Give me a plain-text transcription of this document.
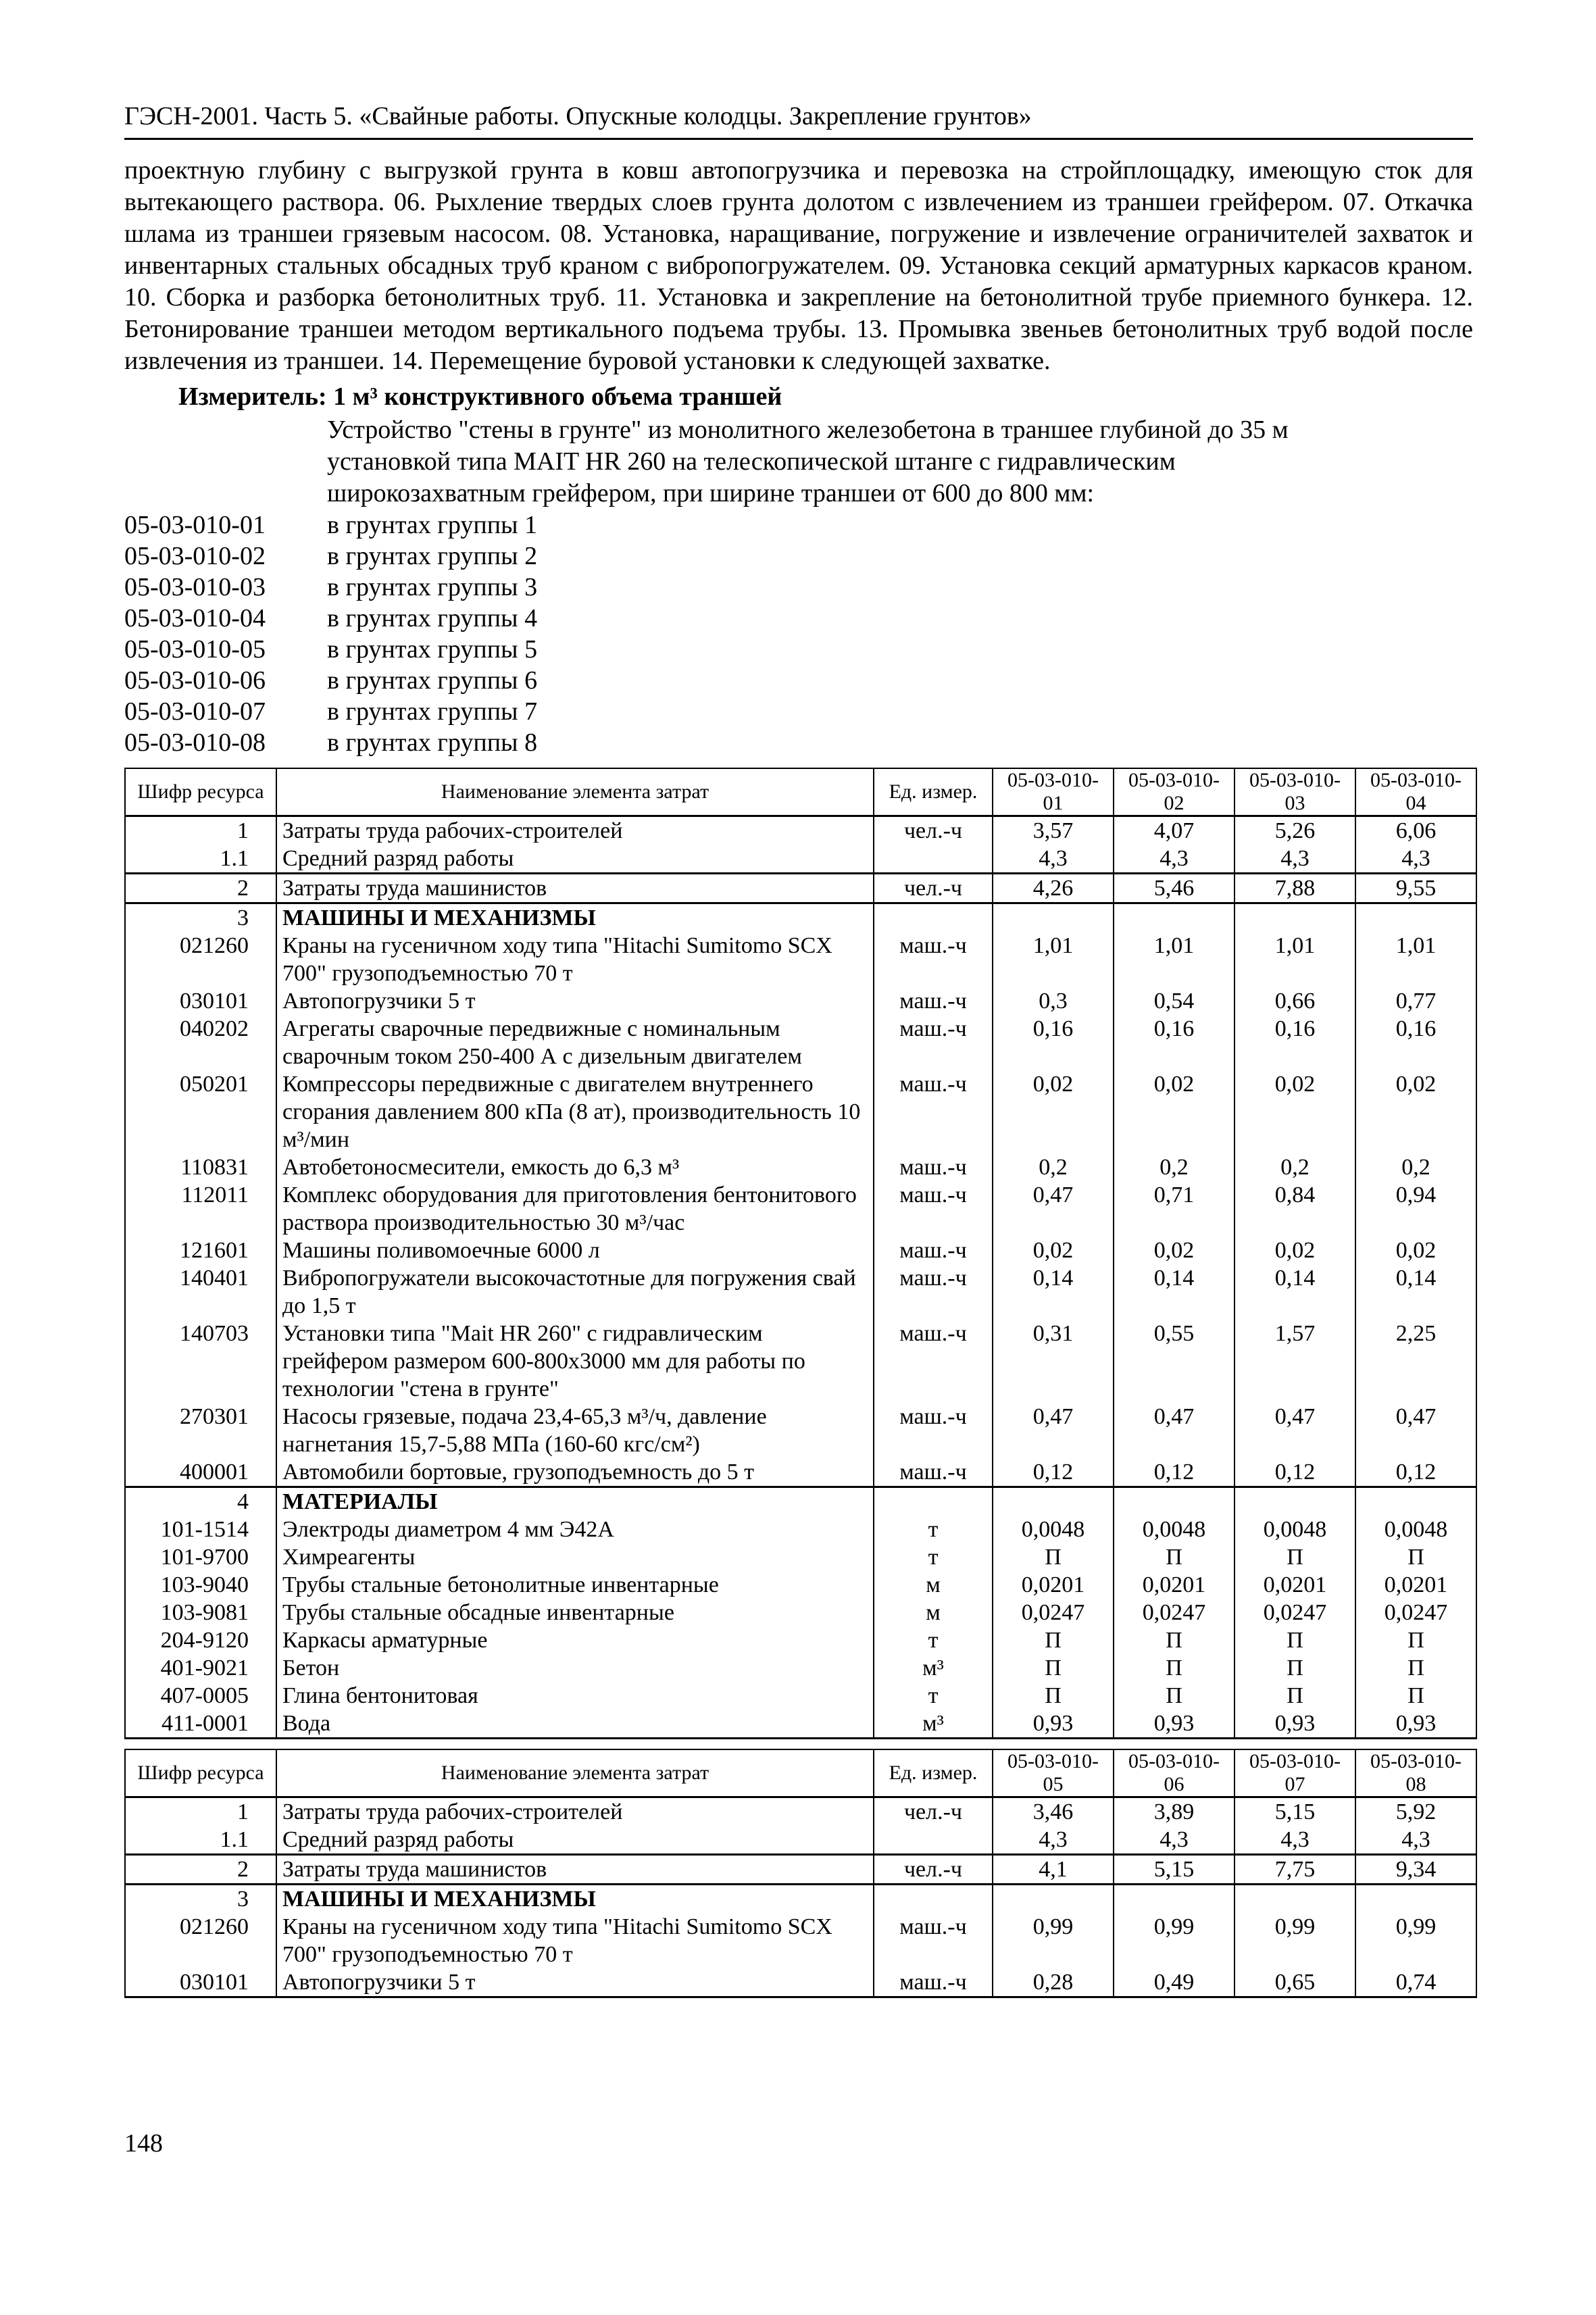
ГЭСН-2001. Часть 5. «Свайные работы. Опускные колодцы. Закрепление грунтов»

проектную глубину с выгрузкой грунта в ковш автопогрузчика и перевозка на стройплощадку, имеющую сток для вытекающего раствора. 06. Рыхление твердых слоев грунта долотом с извлечением из траншеи грейфером. 07. Откачка шлама из траншеи грязевым насосом. 08. Установка, наращивание, погружение и извлечение ограничителей захваток и инвентарных стальных обсадных труб краном с вибропогружателем. 09. Установка секций арматурных каркасов краном. 10. Сборка и разборка бетонолитных труб. 11. Установка и закрепление на бетонолитной трубе приемного бункера. 12. Бетонирование траншеи методом вертикального подъема трубы. 13. Промывка звеньев бетонолитных труб водой после извлечения из траншеи. 14. Перемещение буровой установки к следующей захватке.

Измеритель: 1 м³ конструктивного объема траншей
Устройство "стены в грунте" из монолитного железобетона в траншее глубиной до 35 м
установкой типа MAIT HR 260 на телескопической штанге с гидравлическим
широкозахватным грейфером, при ширине траншеи от 600 до 800 мм:
05-03-010-01	в грунтах группы 1
05-03-010-02	в грунтах группы 2
05-03-010-03	в грунтах группы 3
05-03-010-04	в грунтах группы 4
05-03-010-05	в грунтах группы 5
05-03-010-06	в грунтах группы 6
05-03-010-07	в грунтах группы 7
05-03-010-08	в грунтах группы 8
Шифр ресурса	Наименование элемента затрат	Ед. измер.	05-03-010-01	05-03-010-02	05-03-010-03	05-03-010-04
1	Затраты труда рабочих-строителей	чел.-ч	3,57	4,07	5,26	6,06
1.1	Средний разряд работы		4,3	4,3	4,3	4,3
2	Затраты труда машинистов	чел.-ч	4,26	5,46	7,88	9,55
3	МАШИНЫ И МЕХАНИЗМЫ					
021260	Краны на гусеничном ходу типа "Hitachi Sumitomo SCX 700" грузоподъемностью 70 т	маш.-ч	1,01	1,01	1,01	1,01
030101	Автопогрузчики 5 т	маш.-ч	0,3	0,54	0,66	0,77
040202	Агрегаты сварочные передвижные с номинальным сварочным током 250-400 А с дизельным двигателем	маш.-ч	0,16	0,16	0,16	0,16
050201	Компрессоры передвижные с двигателем внутреннего сгорания давлением 800 кПа (8 ат), производительность 10 м³/мин	маш.-ч	0,02	0,02	0,02	0,02
110831	Автобетоносмесители, емкость до 6,3 м³	маш.-ч	0,2	0,2	0,2	0,2
112011	Комплекс оборудования для приготовления бентонитового раствора производительностью 30 м³/час	маш.-ч	0,47	0,71	0,84	0,94
121601	Машины поливомоечные 6000 л	маш.-ч	0,02	0,02	0,02	0,02
140401	Вибропогружатели высокочастотные для погружения свай до 1,5 т	маш.-ч	0,14	0,14	0,14	0,14
140703	Установки типа "Mait HR 260" с гидравлическим грейфером размером 600-800х3000 мм для работы по технологии "стена в грунте"	маш.-ч	0,31	0,55	1,57	2,25
270301	Насосы грязевые, подача 23,4-65,3 м³/ч, давление нагнетания 15,7-5,88 МПа (160-60 кгс/см²)	маш.-ч	0,47	0,47	0,47	0,47
400001	Автомобили бортовые, грузоподъемность до 5 т	маш.-ч	0,12	0,12	0,12	0,12
4	МАТЕРИАЛЫ					
101-1514	Электроды диаметром 4 мм Э42А	т	0,0048	0,0048	0,0048	0,0048
101-9700	Химреагенты	т	П	П	П	П
103-9040	Трубы стальные бетонолитные инвентарные	м	0,0201	0,0201	0,0201	0,0201
103-9081	Трубы стальные обсадные инвентарные	м	0,0247	0,0247	0,0247	0,0247
204-9120	Каркасы арматурные	т	П	П	П	П
401-9021	Бетон	м³	П	П	П	П
407-0005	Глина бентонитовая	т	П	П	П	П
411-0001	Вода	м³	0,93	0,93	0,93	0,93
Шифр ресурса	Наименование элемента затрат	Ед. измер.	05-03-010-05	05-03-010-06	05-03-010-07	05-03-010-08
1	Затраты труда рабочих-строителей	чел.-ч	3,46	3,89	5,15	5,92
1.1	Средний разряд работы		4,3	4,3	4,3	4,3
2	Затраты труда машинистов	чел.-ч	4,1	5,15	7,75	9,34
3	МАШИНЫ И МЕХАНИЗМЫ					
021260	Краны на гусеничном ходу типа "Hitachi Sumitomo SCX 700" грузоподъемностью 70 т	маш.-ч	0,99	0,99	0,99	0,99
030101	Автопогрузчики 5 т	маш.-ч	0,28	0,49	0,65	0,74
148
